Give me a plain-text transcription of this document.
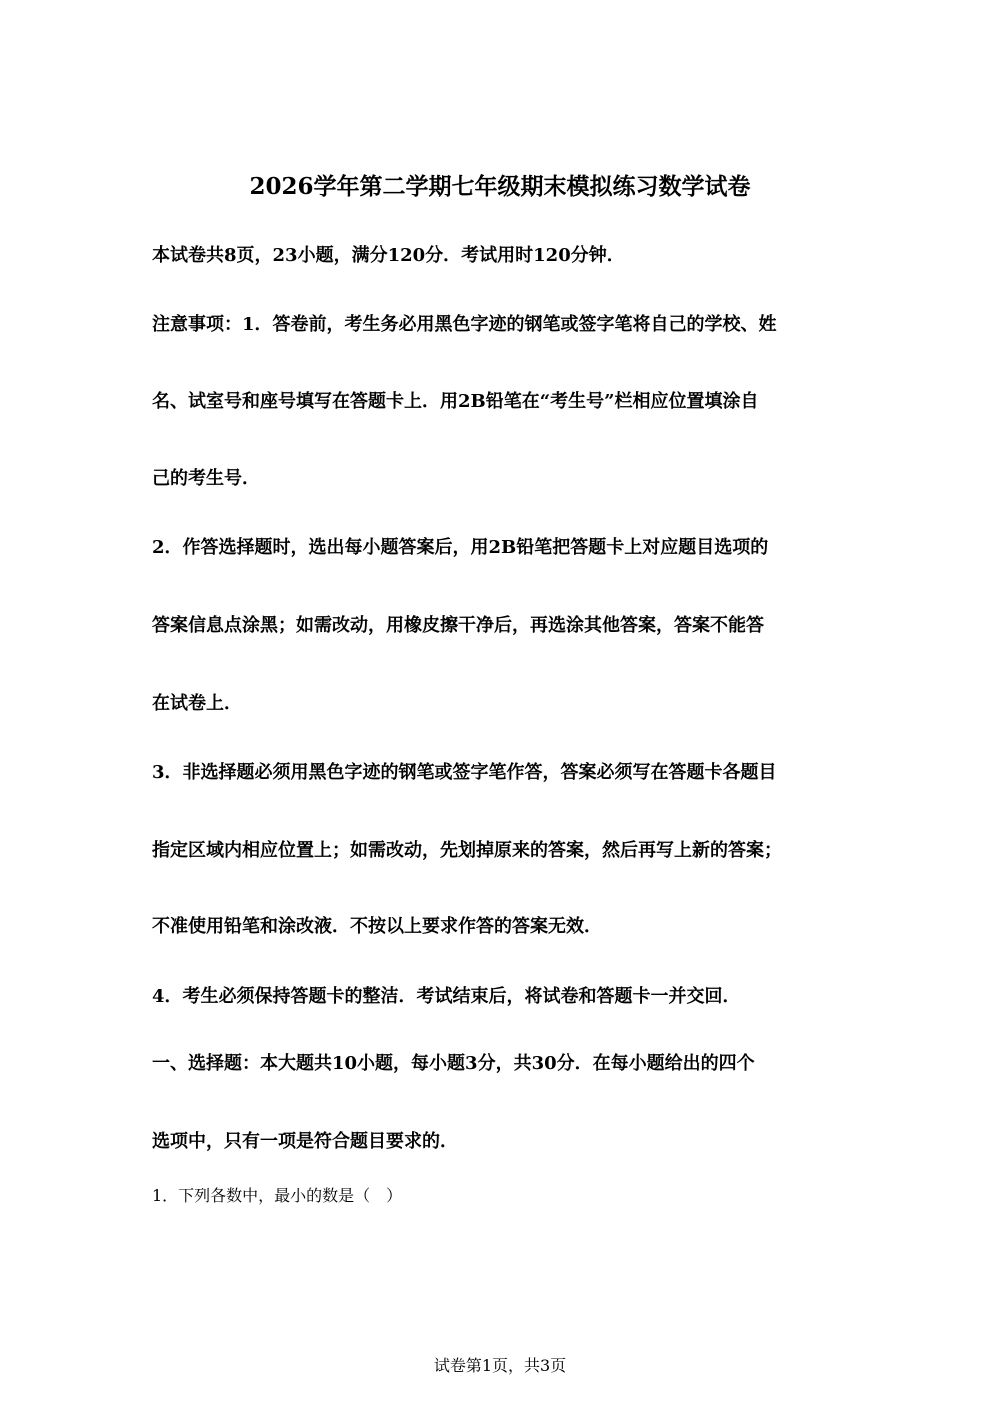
2026学年第二学期七年级期末模拟练习数学试卷
本试卷共8页，23小题，满分120分．考试用时120分钟．
注意事项：1．答卷前，考生务必用黑色字迹的钢笔或签字笔将自己的学校、姓
名、试室号和座号填写在答题卡上．用2B铅笔在“考生号”栏相应位置填涂自
己的考生号．
2．作答选择题时，选出每小题答案后，用2B铅笔把答题卡上对应题目选项的
答案信息点涂黑；如需改动，用橡皮擦干净后，再选涂其他答案，答案不能答
在试卷上．
3．非选择题必须用黑色字迹的钢笔或签字笔作答，答案必须写在答题卡各题目
指定区域内相应位置上；如需改动，先划掉原来的答案，然后再写上新的答案；
不准使用铅笔和涂改液．不按以上要求作答的答案无效．
4．考生必须保持答题卡的整洁．考试结束后，将试卷和答题卡一并交回．
一、选择题：本大题共10小题，每小题3分，共30分．在每小题给出的四个
选项中，只有一项是符合题目要求的．
1．下列各数中，最小的数是（　）
试卷第1页，共3页
